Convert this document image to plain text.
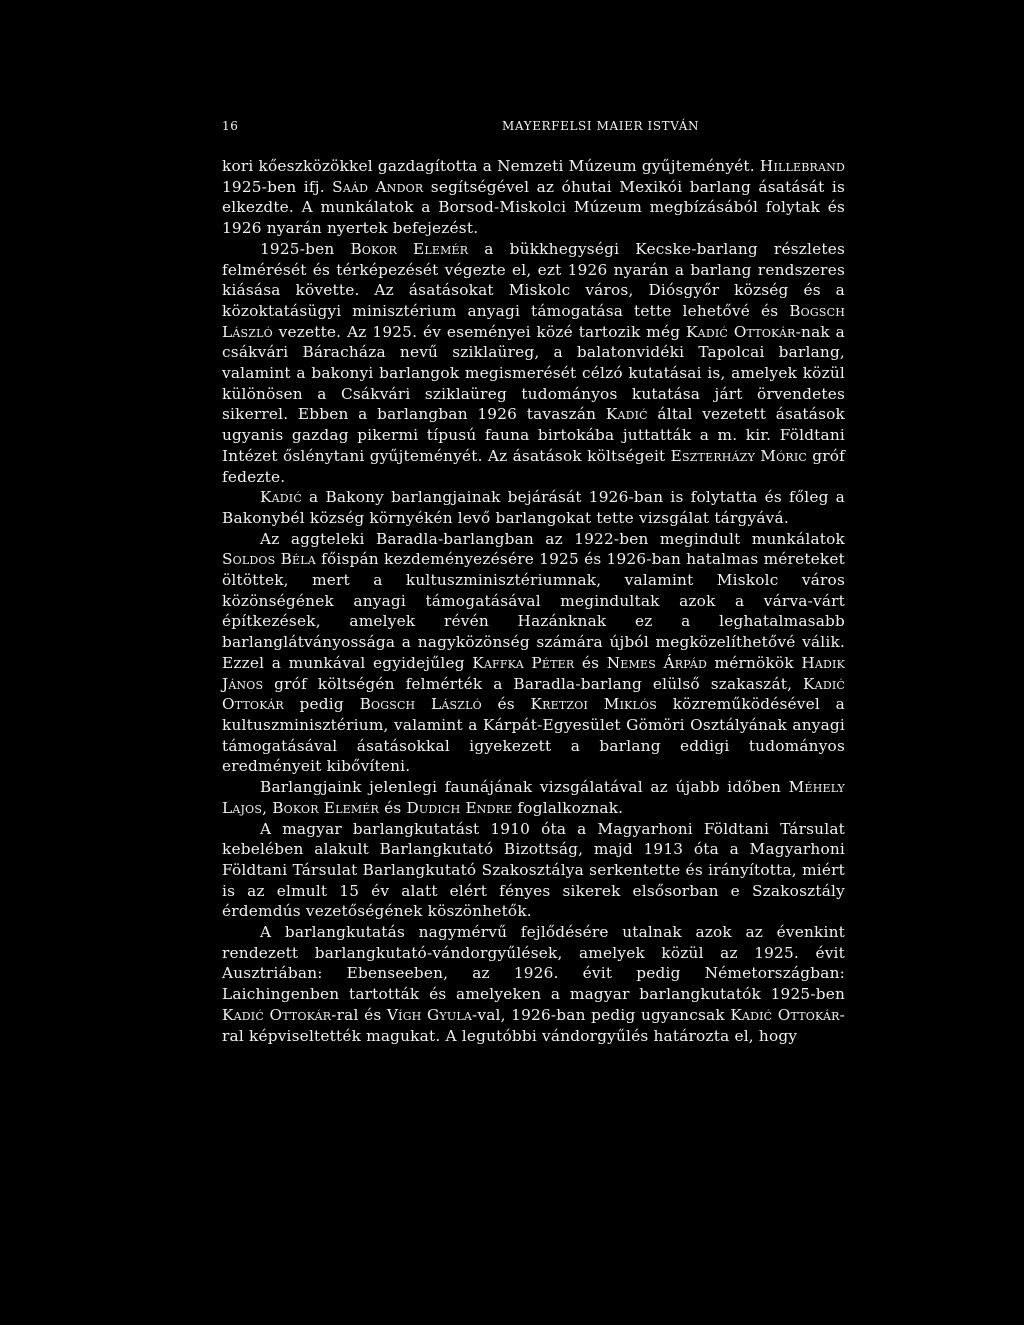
16	MAYERFELSI MAIER ISTVÁN

kori kőeszközökkel gazdagította a Nemzeti Múzeum gyűjteményét. Hillebrand 1925-ben ifj. Saád Andor segítségével az óhutai Mexikói barlang ásatását is elkezdte. A munkálatok a Borsod-Miskolci Múzeum megbízásából folytak és 1926 nyarán nyertek befejezést.

1925-ben Bokor Elemér a bükkhegységi Kecske-barlang részletes felmérését és térképezését végezte el, ezt 1926 nyarán a barlang rendszeres kiásása követte. Az ásatásokat Miskolc város, Diósgyőr község és a közoktatásügyi minisztérium anyagi támogatása tette lehetővé és Bogsch László vezette. Az 1925. év eseményei közé tartozik még Kadić Ottokár-nak a csákvári Báracháza nevű sziklaüreg, a balatonvidéki Tapolcai barlang, valamint a bakonyi barlangok megismerését célzó kutatásai is, amelyek közül különösen a Csákvári sziklaüreg tudományos kutatása járt örvendetes sikerrel. Ebben a barlangban 1926 tavaszán Kadić által vezetett ásatások ugyanis gazdag pikermi típusú fauna birtokába juttatták a m. kir. Földtani Intézet őslénytani gyűjteményét. Az ásatások költségeit Eszterházy Móric gróf fedezte.

Kadić a Bakony barlangjainak bejárását 1926-ban is folytatta és főleg a Bakonybél község környékén levő barlangokat tette vizsgálat tárgyává.

Az aggteleki Baradla-barlangban az 1922-ben megindult munkálatok Soldos Béla főispán kezdeményezésére 1925 és 1926-ban hatalmas méreteket öltöttek, mert a kultuszminisztériumnak, valamint Miskolc város közönségének anyagi támogatásával megindultak azok a várva-várt építkezések, amelyek révén Hazánknak ez a leghatalmasabb barlanglátványossága a nagyközönség számára újból megközelíthetővé válik. Ezzel a munkával egyidejűleg Kaffka Péter és Nemes Árpád mérnökök Hadik János gróf költségén felmérték a Baradla-barlang elülső szakaszát, Kadić Ottokár pedig Bogsch László és Kretzoi Miklós közreműködésével a kultuszminisztérium, valamint a Kárpát-Egyesület Gömöri Osztályának anyagi támogatásával ásatásokkal igyekezett a barlang eddigi tudományos eredményeit kibővíteni.

Barlangjaink jelenlegi faunájának vizsgálatával az újabb időben Méhely Lajos, Bokor Elemér és Dudich Endre foglalkoznak.

A magyar barlangkutatást 1910 óta a Magyarhoni Földtani Társulat kebelében alakult Barlangkutató Bizottság, majd 1913 óta a Magyarhoni Földtani Társulat Barlangkutató Szakosztálya serkentette és irányította, miért is az elmult 15 év alatt elért fényes sikerek elsősorban e Szakosztály érdemdús vezetőségének köszönhetők.

A barlangkutatás nagymérvű fejlődésére utalnak azok az évenkint rendezett barlangkutató-vándorgyűlések, amelyek közül az 1925. évit Ausztriában: Ebenseeben, az 1926. évit pedig Németországban: Laichingenben tartották és amelyeken a magyar barlangkutatók 1925-ben Kadić Ottokár-ral és Vígh Gyula-val, 1926-ban pedig ugyancsak Kadić Ottokár-ral képviseltették magukat. A legutóbbi vándorgyűlés határozta el, hogy
